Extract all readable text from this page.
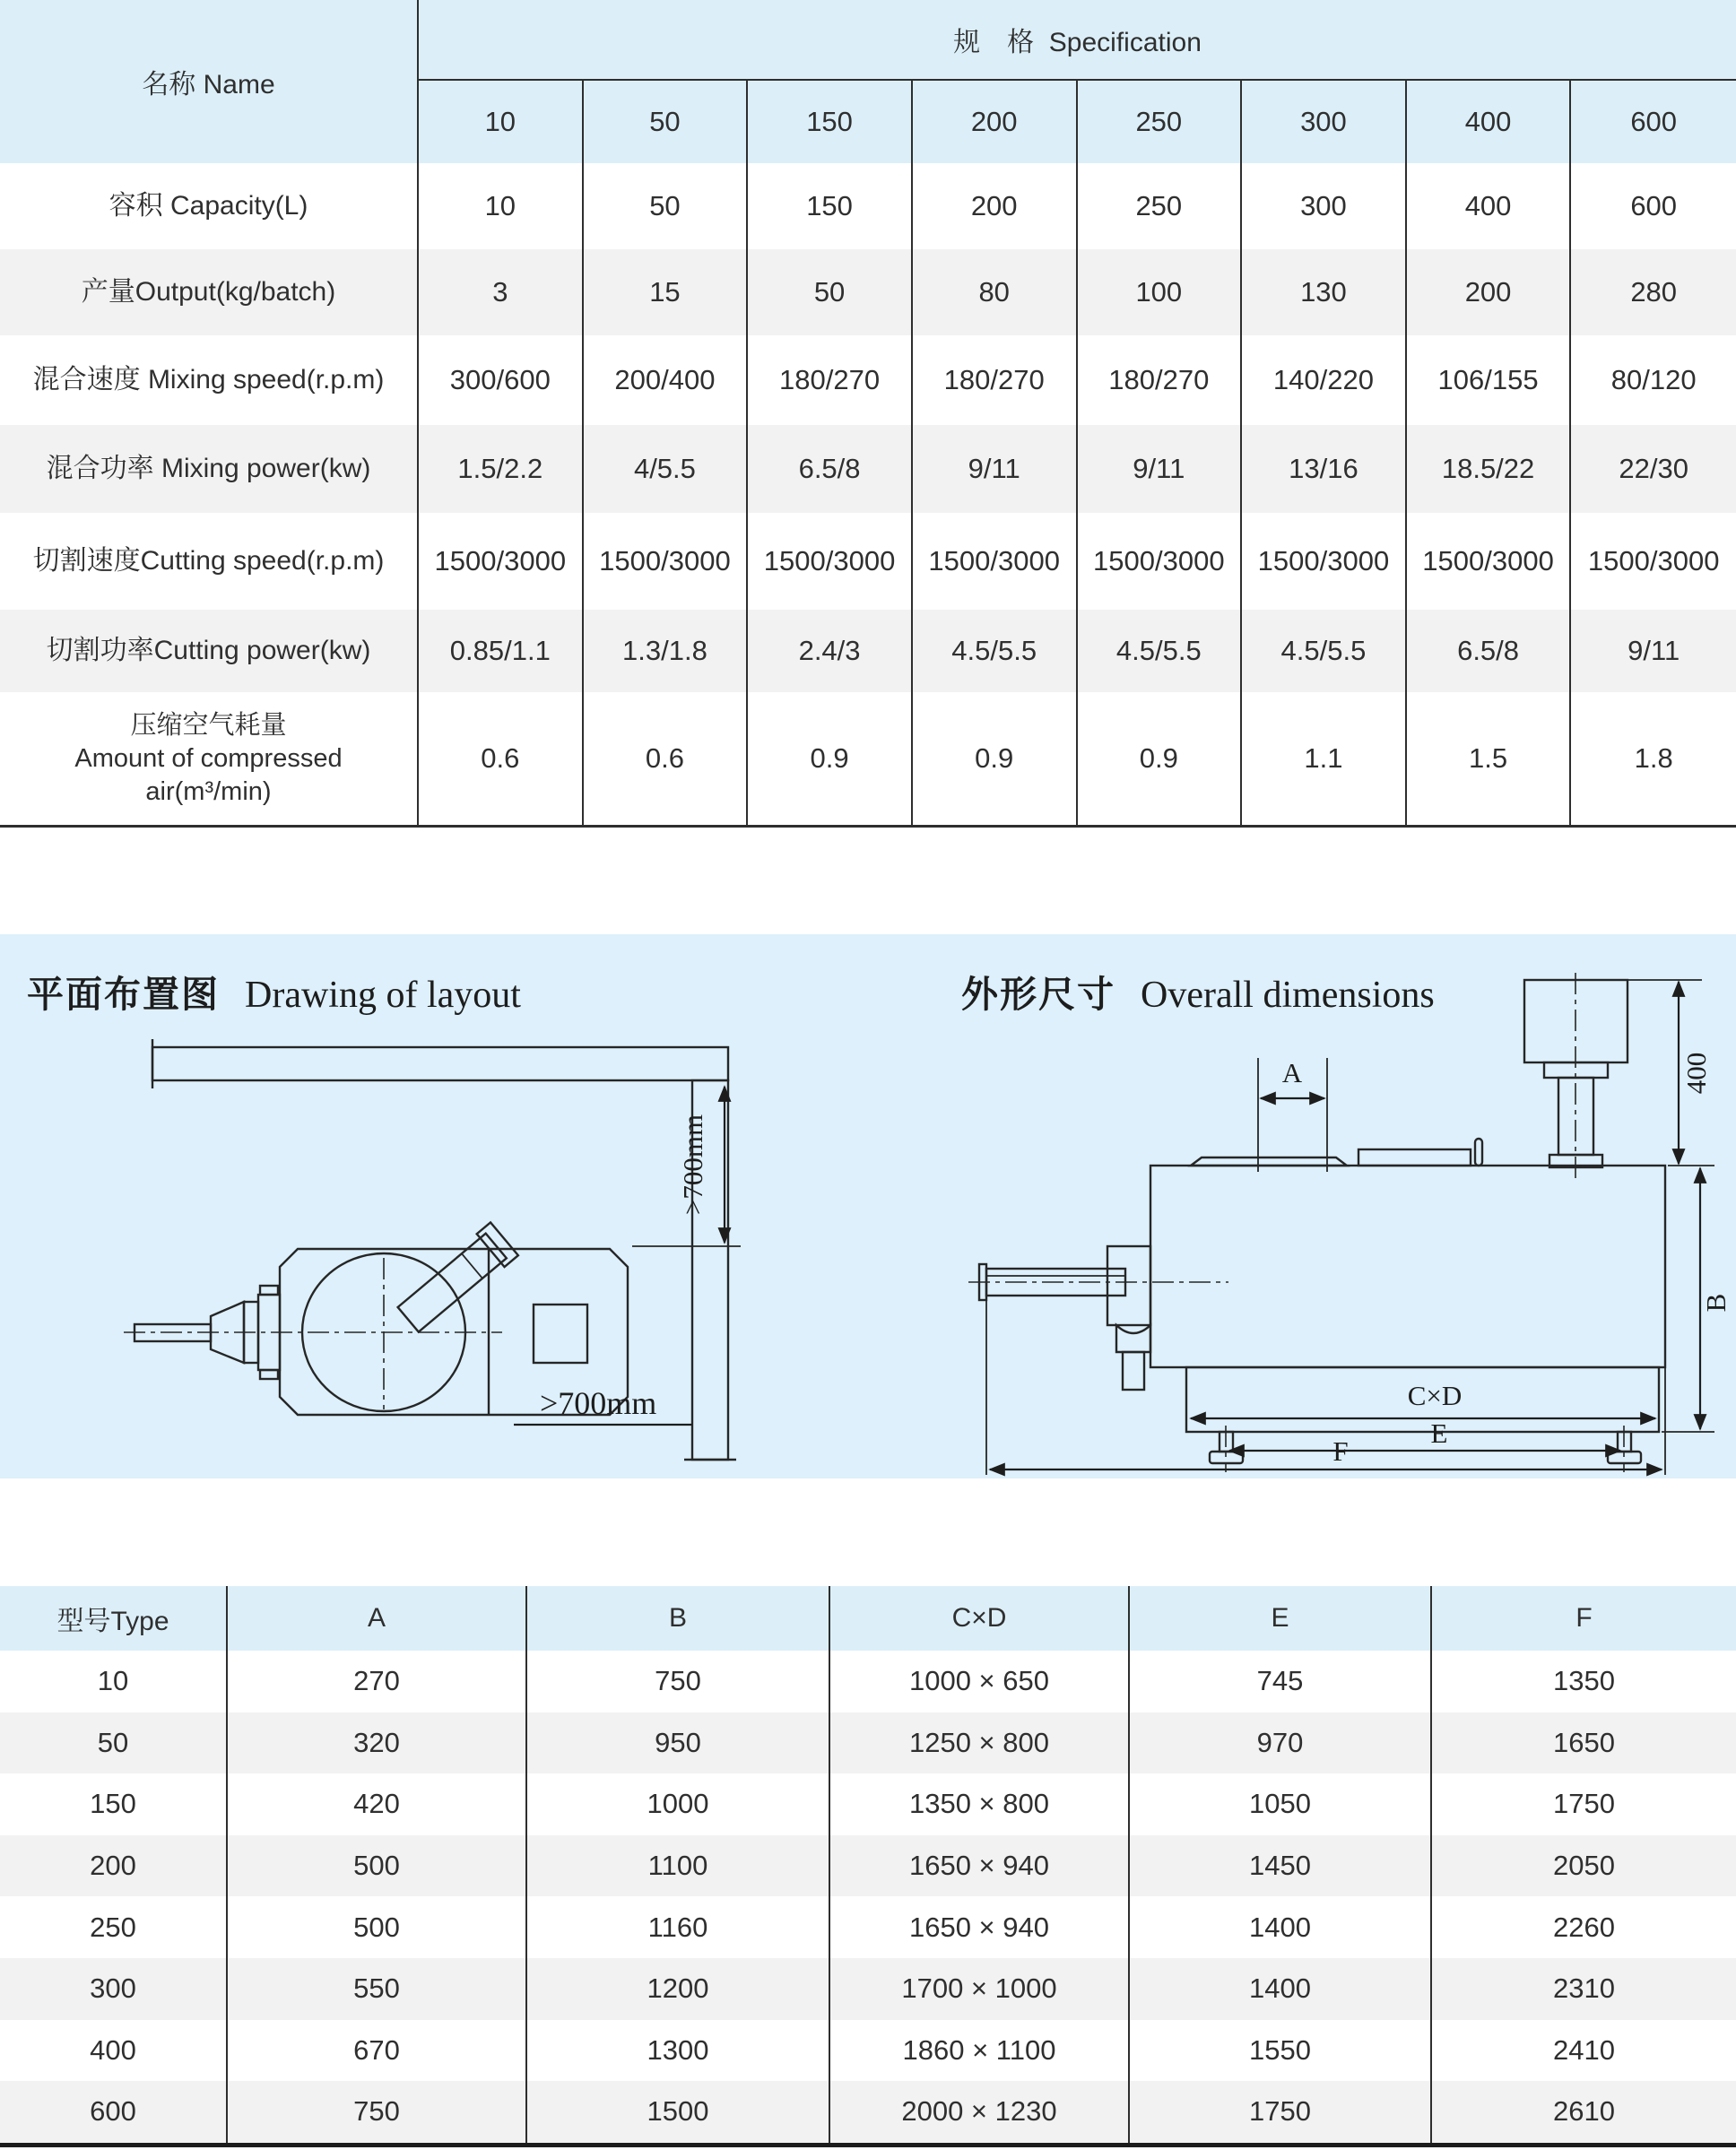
名称 Name
规　格  Specification
10	50	150	200	250	300	400	600
容积 Capacity(L)	10	50	150	200	250	300	400	600
产量Output(kg/batch)	3	15	50	80	100	130	200	280
混合速度 Mixing speed(r.p.m)	300/600	200/400	180/270	180/270	180/270	140/220	106/155	80/120
混合功率 Mixing power(kw)	1.5/2.2	4/5.5	6.5/8	9/11	9/11	13/16	18.5/22	22/30
切割速度Cutting speed(r.p.m)	1500/3000	1500/3000	1500/3000	1500/3000	1500/3000	1500/3000	1500/3000	1500/3000
切割功率Cutting power(kw)	0.85/1.1	1.3/1.8	2.4/3	4.5/5.5	4.5/5.5	4.5/5.5	6.5/8	9/11
压缩空气耗量
Amount of compressed
air(m³/min)
0.6	0.6	0.9	0.9	0.9	1.1	1.5	1.8
平面布置图 Drawing of layout	外形尺寸 Overall dimensions
>700mm
>700mm
400
A
C×D
B
E
F
型号Type	A	B	C×D	E	F
10	270	750	1000 × 650	745	1350
50	320	950	1250 × 800	970	1650
150	420	1000	1350 × 800	1050	1750
200	500	1100	1650 × 940	1450	2050
250	500	1160	1650 × 940	1400	2260
300	550	1200	1700 × 1000	1400	2310
400	670	1300	1860 × 1100	1550	2410
600	750	1500	2000 × 1230	1750	2610
